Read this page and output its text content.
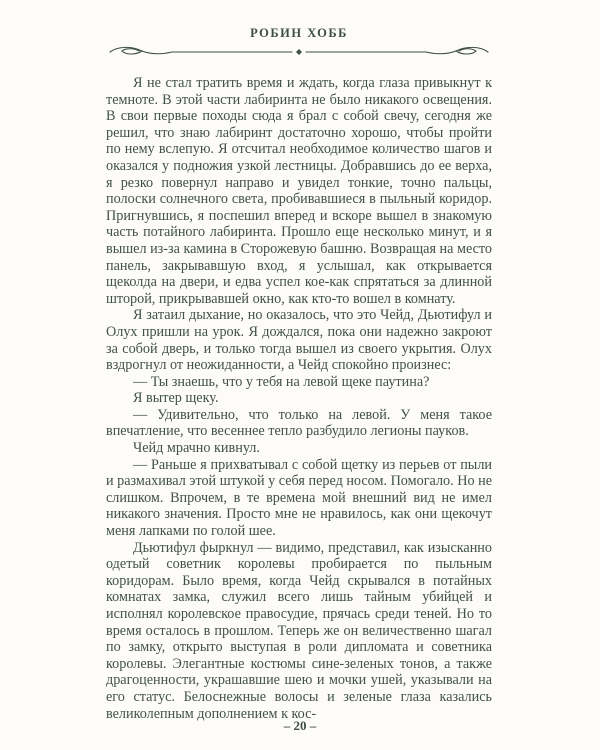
РОБИН ХОББ

Я не стал тратить время и ждать, когда глаза привыкнут к темноте. В этой части лабиринта не было никакого освещения. В свои первые походы сюда я брал с собой свечу, сегодня же решил, что знаю лабиринт достаточно хорошо, чтобы пройти по нему вслепую. Я отсчитал необходимое количество шагов и оказался у подножия узкой лестницы. Добравшись до ее верха, я резко повернул направо и увидел тонкие, точно пальцы, полоски солнечного света, пробивавшиеся в пыльный коридор. Пригнувшись, я поспешил вперед и вскоре вышел в знакомую часть потайного лабиринта. Прошло еще несколько минут, и я вышел из-за камина в Сторожевую башню. Возвращая на место панель, закрывавшую вход, я услышал, как открывается щеколда на двери, и едва успел кое-как спрятаться за длинной шторой, прикрывавшей окно, как кто-то вошел в комнату.

Я затаил дыхание, но оказалось, что это Чейд, Дьютифул и Олух пришли на урок. Я дождался, пока они надежно закроют за собой дверь, и только тогда вышел из своего укрытия. Олух вздрогнул от неожиданности, а Чейд спокойно произнес:

— Ты знаешь, что у тебя на левой щеке паутина?

Я вытер щеку.

— Удивительно, что только на левой. У меня такое впечатление, что весеннее тепло разбудило легионы пауков.

Чейд мрачно кивнул.

— Раньше я прихватывал с собой щетку из перьев от пыли и размахивал этой штукой у себя перед носом. Помогало. Но не слишком. Впрочем, в те времена мой внешний вид не имел никакого значения. Просто мне не нравилось, как они щекочут меня лапками по голой шее.

Дьютифул фыркнул — видимо, представил, как изысканно одетый советник королевы пробирается по пыльным коридорам. Было время, когда Чейд скрывался в потайных комнатах замка, служил всего лишь тайным убийцей и исполнял королевское правосудие, прячась среди теней. Но то время осталось в прошлом. Теперь же он величественно шагал по замку, открыто выступая в роли дипломата и советника королевы. Элегантные костюмы сине-зеленых тонов, а также драгоценности, украшавшие шею и мочки ушей, указывали на его статус. Белоснежные волосы и зеленые глаза казались великолепным дополнением к кос-

– 20 –
